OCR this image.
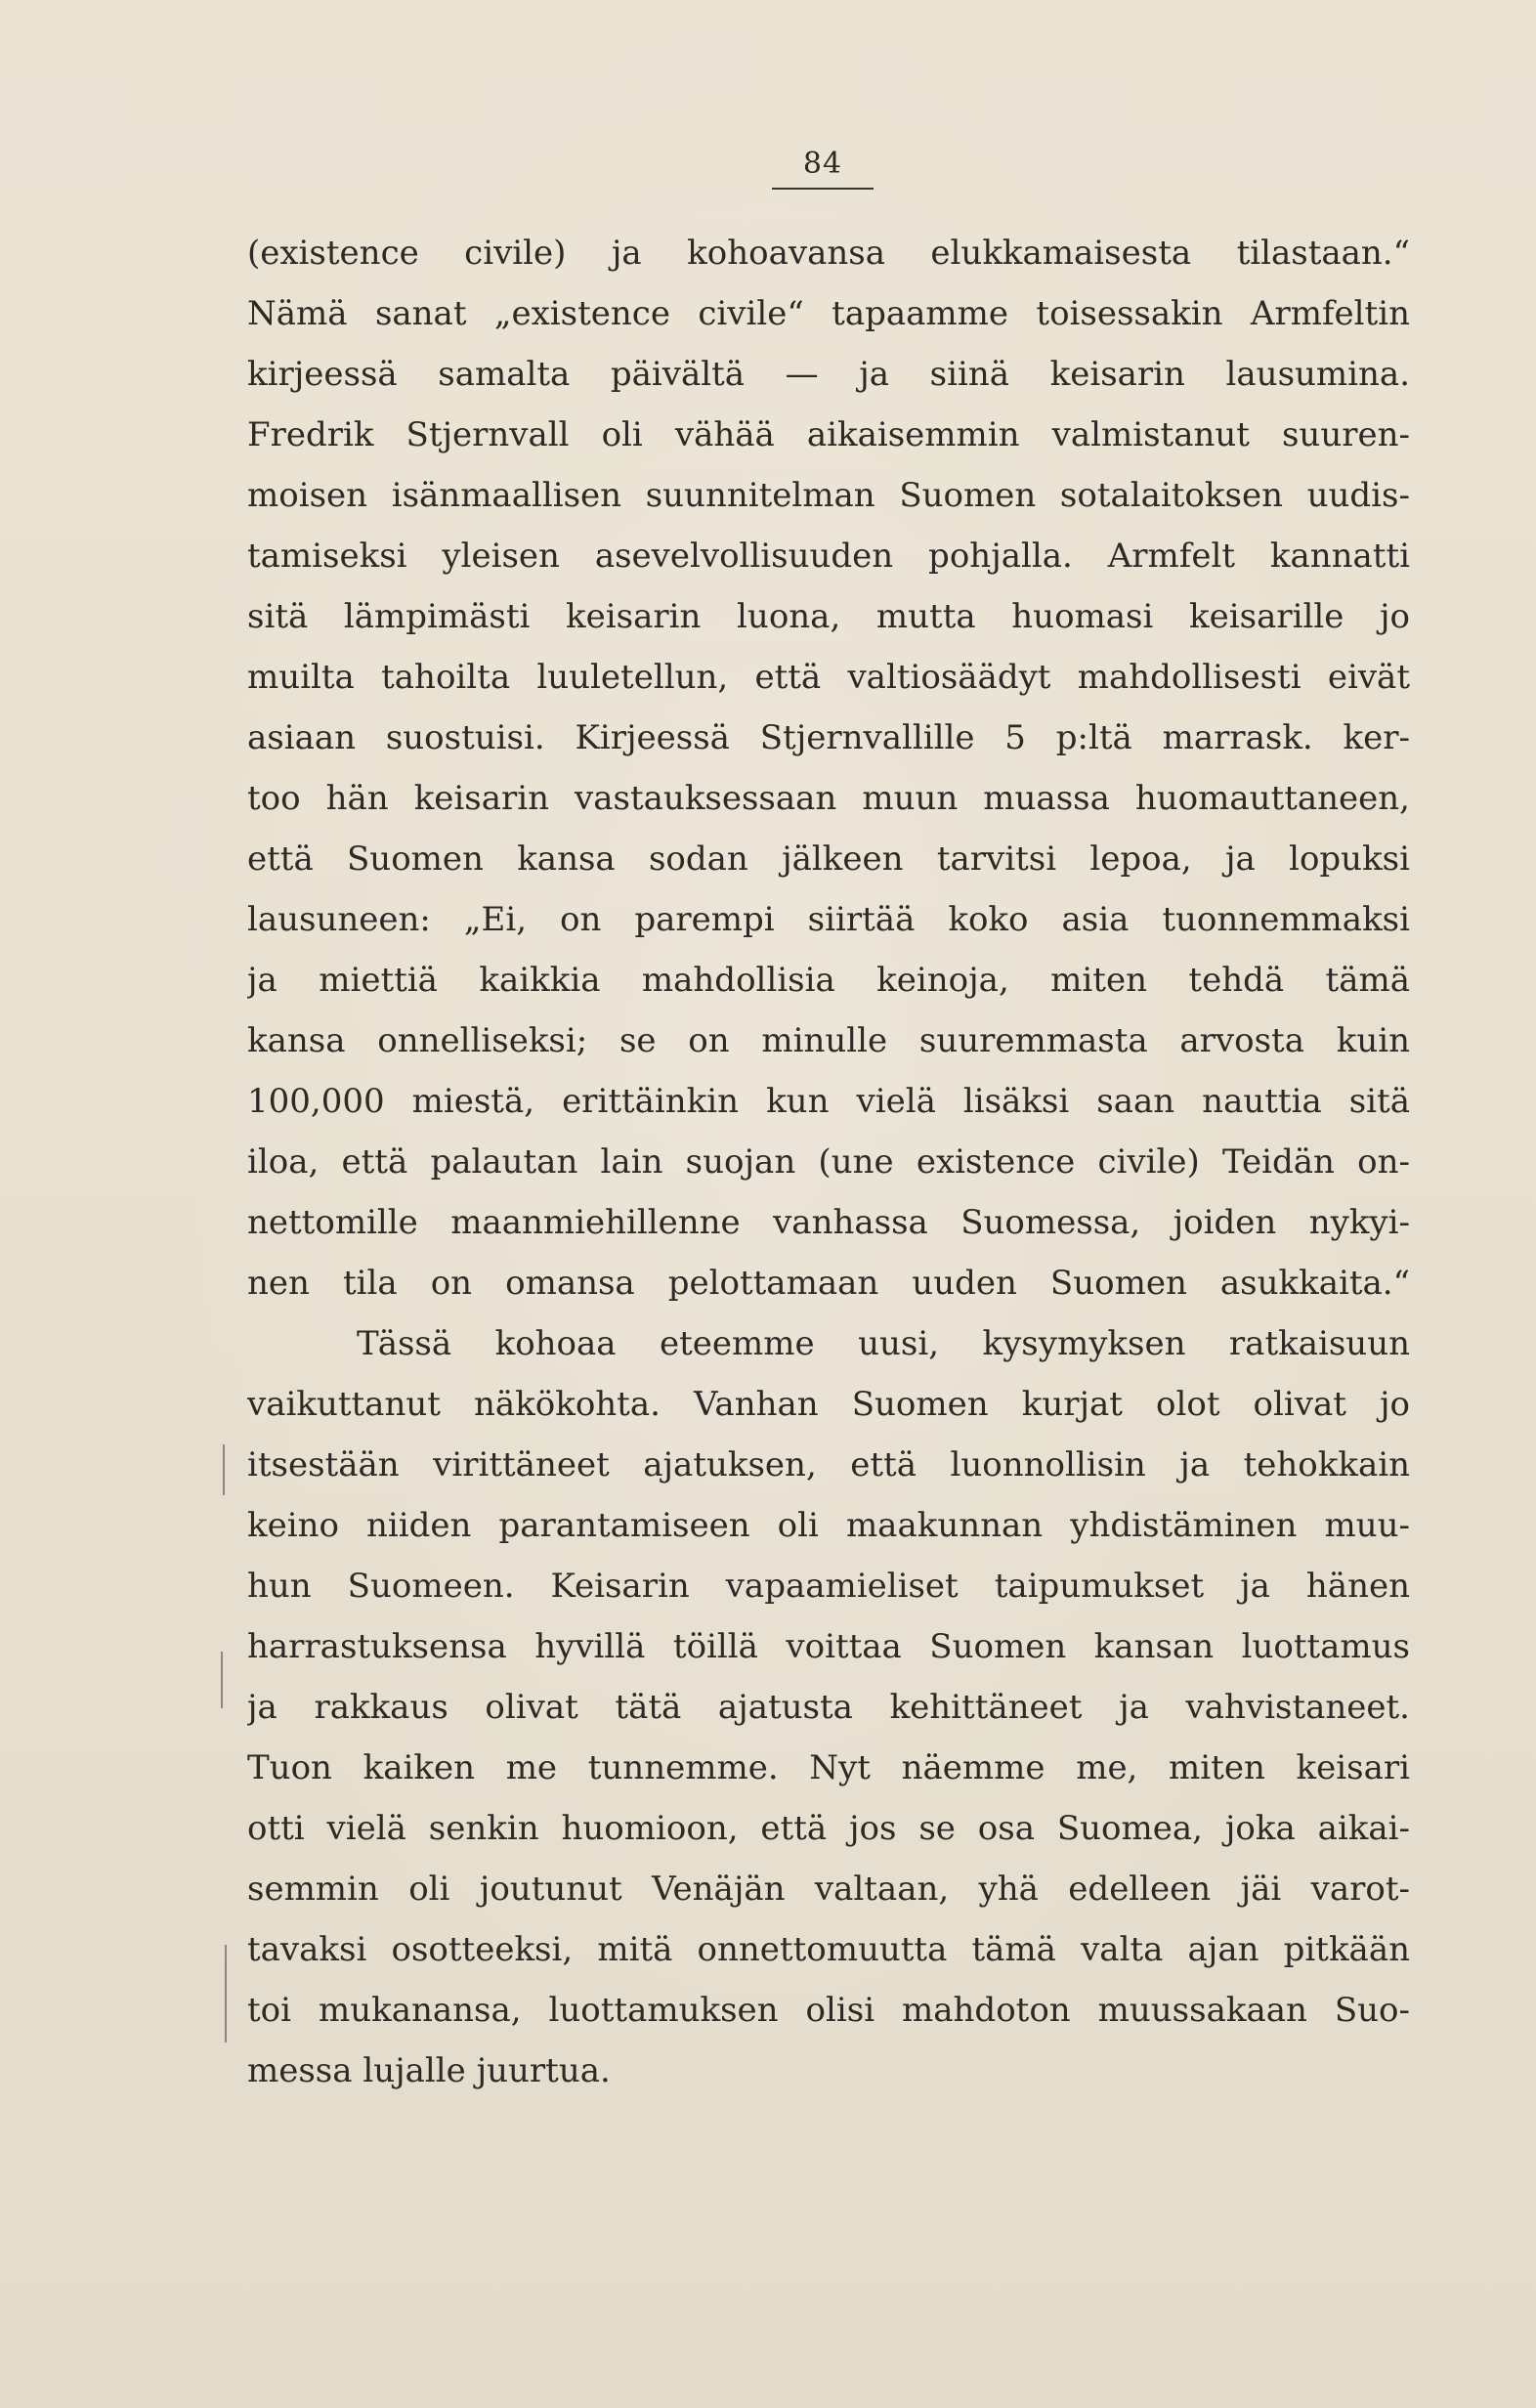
84
(existence civile) ja kohoavansa elukkamaisesta tilastaan.“
Nämä sanat „existence civile“ tapaamme toisessakin Armfeltin
kirjeessä samalta päivältä — ja siinä keisarin lausumina.
Fredrik Stjernvall oli vähää aikaisemmin valmistanut suuren-
moisen isänmaallisen suunnitelman Suomen sotalaitoksen uudis-
tamiseksi yleisen asevelvollisuuden pohjalla. Armfelt kannatti
sitä lämpimästi keisarin luona, mutta huomasi keisarille jo
muilta tahoilta luuletellun, että valtiosäädyt mahdollisesti eivät
asiaan suostuisi. Kirjeessä Stjernvallille 5 p:ltä marrask. ker-
too hän keisarin vastauksessaan muun muassa huomauttaneen,
että Suomen kansa sodan jälkeen tarvitsi lepoa, ja lopuksi
lausuneen: „Ei, on parempi siirtää koko asia tuonnemmaksi
ja miettiä kaikkia mahdollisia keinoja, miten tehdä tämä
kansa onnelliseksi; se on minulle suuremmasta arvosta kuin
100,000 miestä, erittäinkin kun vielä lisäksi saan nauttia sitä
iloa, että palautan lain suojan (une existence civile) Teidän on-
nettomille maanmiehillenne vanhassa Suomessa, joiden nykyi-
nen tila on omansa pelottamaan uuden Suomen asukkaita.“
Tässä kohoaa eteemme uusi, kysymyksen ratkaisuun
vaikuttanut näkökohta. Vanhan Suomen kurjat olot olivat jo
itsestään virittäneet ajatuksen, että luonnollisin ja tehokkain
keino niiden parantamiseen oli maakunnan yhdistäminen muu-
hun Suomeen. Keisarin vapaamieliset taipumukset ja hänen
harrastuksensa hyvillä töillä voittaa Suomen kansan luottamus
ja rakkaus olivat tätä ajatusta kehittäneet ja vahvistaneet.
Tuon kaiken me tunnemme. Nyt näemme me, miten keisari
otti vielä senkin huomioon, että jos se osa Suomea, joka aikai-
semmin oli joutunut Venäjän valtaan, yhä edelleen jäi varot-
tavaksi osotteeksi, mitä onnettomuutta tämä valta ajan pitkään
toi mukanansa, luottamuksen olisi mahdoton muussakaan Suo-
messa lujalle juurtua.
